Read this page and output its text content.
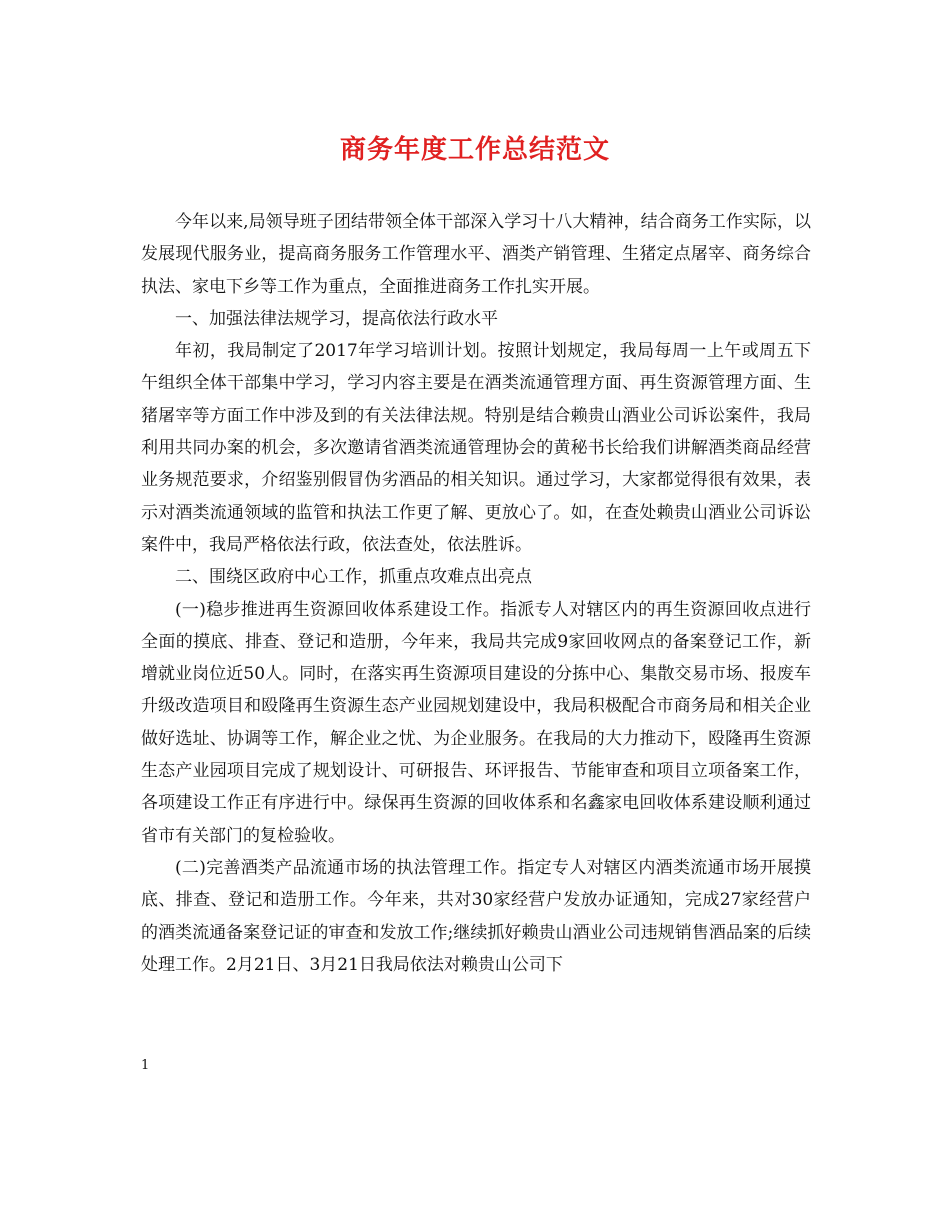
商务年度工作总结范文

今年以来,局领导班子团结带领全体干部深入学习十八大精神，结合商务工作实际，以发展现代服务业，提高商务服务工作管理水平、酒类产销管理、生猪定点屠宰、商务综合执法、家电下乡等工作为重点，全面推进商务工作扎实开展。

一、加强法律法规学习，提高依法行政水平

年初，我局制定了2017年学习培训计划。按照计划规定，我局每周一上午或周五下午组织全体干部集中学习，学习内容主要是在酒类流通管理方面、再生资源管理方面、生猪屠宰等方面工作中涉及到的有关法律法规。特别是结合赖贵山酒业公司诉讼案件，我局利用共同办案的机会，多次邀请省酒类流通管理协会的黄秘书长给我们讲解酒类商品经营业务规范要求，介绍鉴别假冒伪劣酒品的相关知识。通过学习，大家都觉得很有效果，表示对酒类流通领域的监管和执法工作更了解、更放心了。如，在查处赖贵山酒业公司诉讼案件中，我局严格依法行政，依法查处，依法胜诉。

二、围绕区政府中心工作，抓重点攻难点出亮点

(一)稳步推进再生资源回收体系建设工作。指派专人对辖区内的再生资源回收点进行全面的摸底、排查、登记和造册，今年来，我局共完成9家回收网点的备案登记工作，新增就业岗位近50人。同时，在落实再生资源项目建设的分拣中心、集散交易市场、报废车升级改造项目和殴隆再生资源生态产业园规划建设中，我局积极配合市商务局和相关企业做好选址、协调等工作，解企业之忧、为企业服务。在我局的大力推动下，殴隆再生资源生态产业园项目完成了规划设计、可研报告、环评报告、节能审查和项目立项备案工作，各项建设工作正有序进行中。绿保再生资源的回收体系和名鑫家电回收体系建设顺利通过省市有关部门的复检验收。

(二)完善酒类产品流通市场的执法管理工作。指定专人对辖区内酒类流通市场开展摸底、排查、登记和造册工作。今年来，共对30家经营户发放办证通知，完成27家经营户的酒类流通备案登记证的审查和发放工作;继续抓好赖贵山酒业公司违规销售酒品案的后续处理工作。2月21日、3月21日我局依法对赖贵山公司下

1
